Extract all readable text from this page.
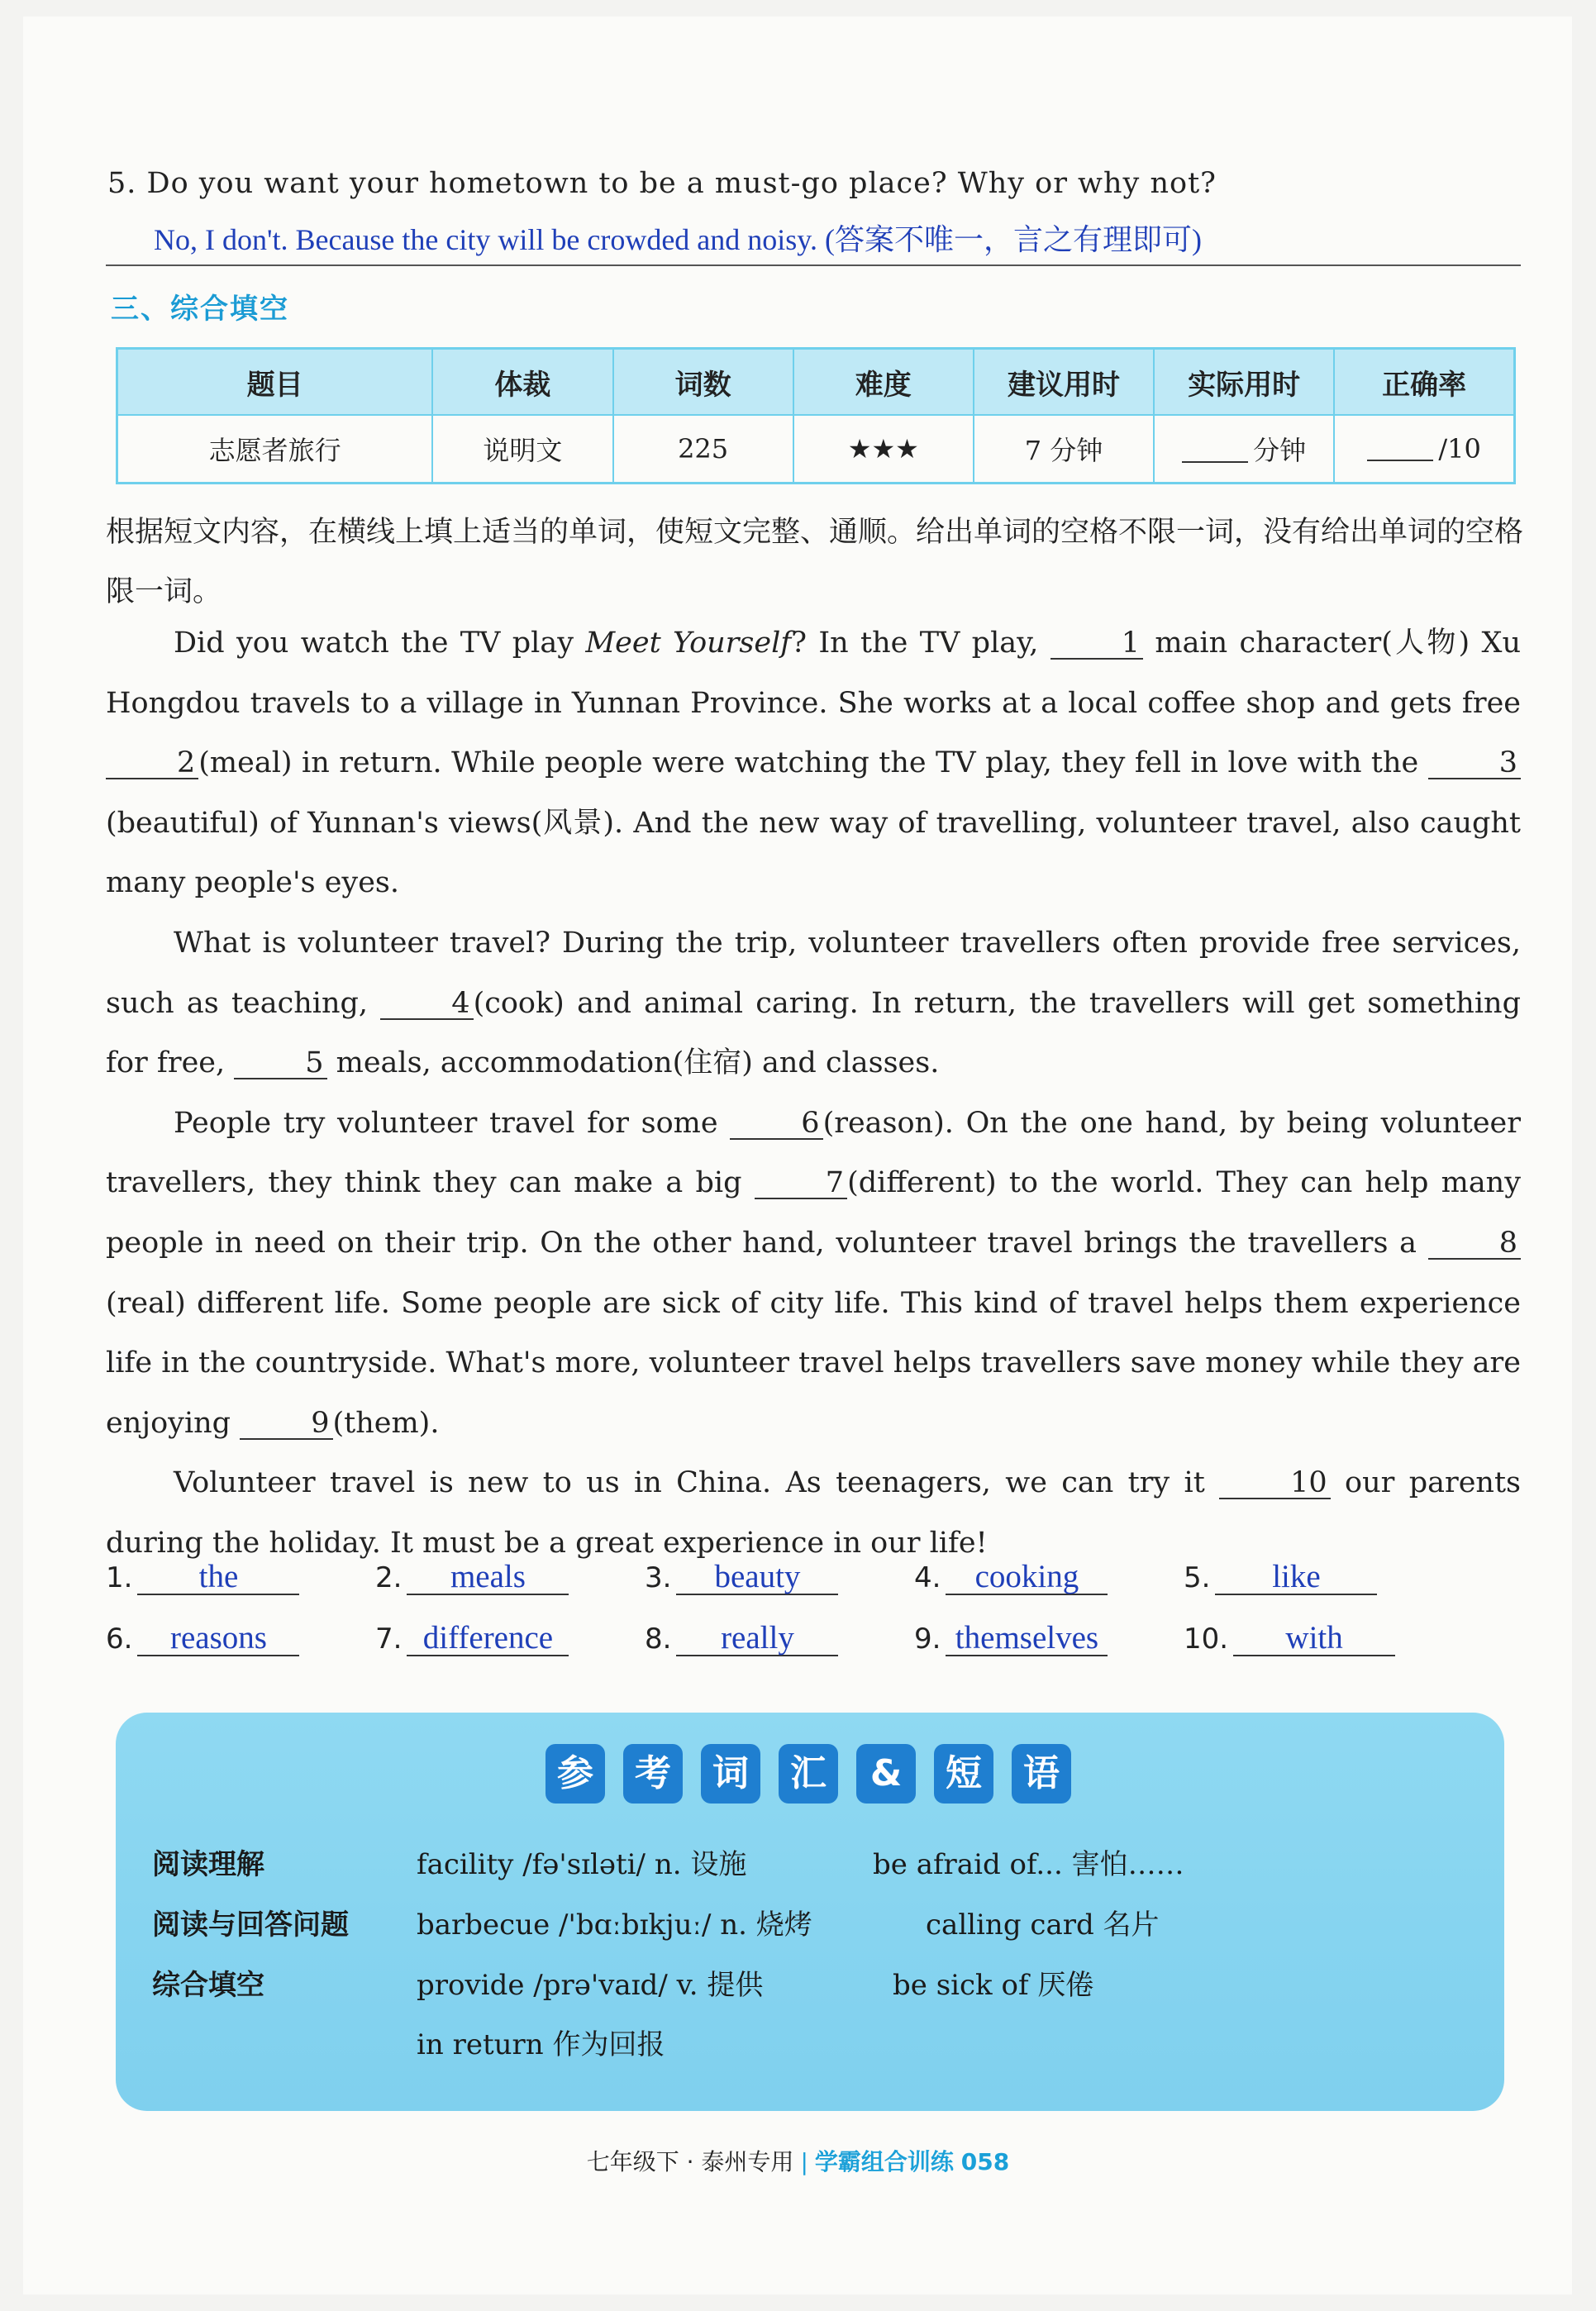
5. Do you want your hometown to be a must-go place? Why or why not?
No, I don't. Because the city will be crowded and noisy. (答案不唯一，言之有理即可)
三、综合填空
题目	体裁	词数	难度	建议用时	实际用时	正确率
志愿者旅行	说明文	225	★★★	7 分钟	分钟	/10
根据短文内容，在横线上填上适当的单词，使短文完整、通顺。给出单词的空格不限一词，没有给出单词的空格限一词。

Did you watch the TV play Meet Yourself? In the TV play, 1 main character(人物) Xu Hongdou travels to a village in Yunnan Province. She works at a local coffee shop and gets free 2 (meal) in return. While people were watching the TV play, they fell in love with the 3 (beautiful) of Yunnan's views(风景). And the new way of travelling, volunteer travel, also caught many people's eyes.

What is volunteer travel? During the trip, volunteer travellers often provide free services, such as teaching, 4 (cook) and animal caring. In return, the travellers will get something for free, 5 meals, accommodation(住宿) and classes.

People try volunteer travel for some 6 (reason). On the one hand, by being volunteer travellers, they think they can make a big 7 (different) to the world. They can help many people in need on their trip. On the other hand, volunteer travel brings the travellers a 8(real) different life. Some people are sick of city life. This kind of travel helps them experience life in the countryside. What's more, volunteer travel helps travellers save money while they are enjoying 9 (them).

Volunteer travel is new to us in China. As teenagers, we can try it 10 our parents during the holiday. It must be a great experience in our life!

1. the	2. meals	3. beauty	4. cooking	5. like
6. reasons	7. difference	8. really	9. themselves	10. with
参	考	词	汇	&	短	语
阅读理解	facility /fə'sɪləti/ n. 设施	be afraid of... 害怕……
阅读与回答问题 barbecue /'bɑːbɪkjuː/ n. 烧烤	calling card 名片
综合填空	provide /prə'vaɪd/ v. 提供	be sick of 厌倦
in return 作为回报
七年级下 · 泰州专用 | 学霸组合训练 058
